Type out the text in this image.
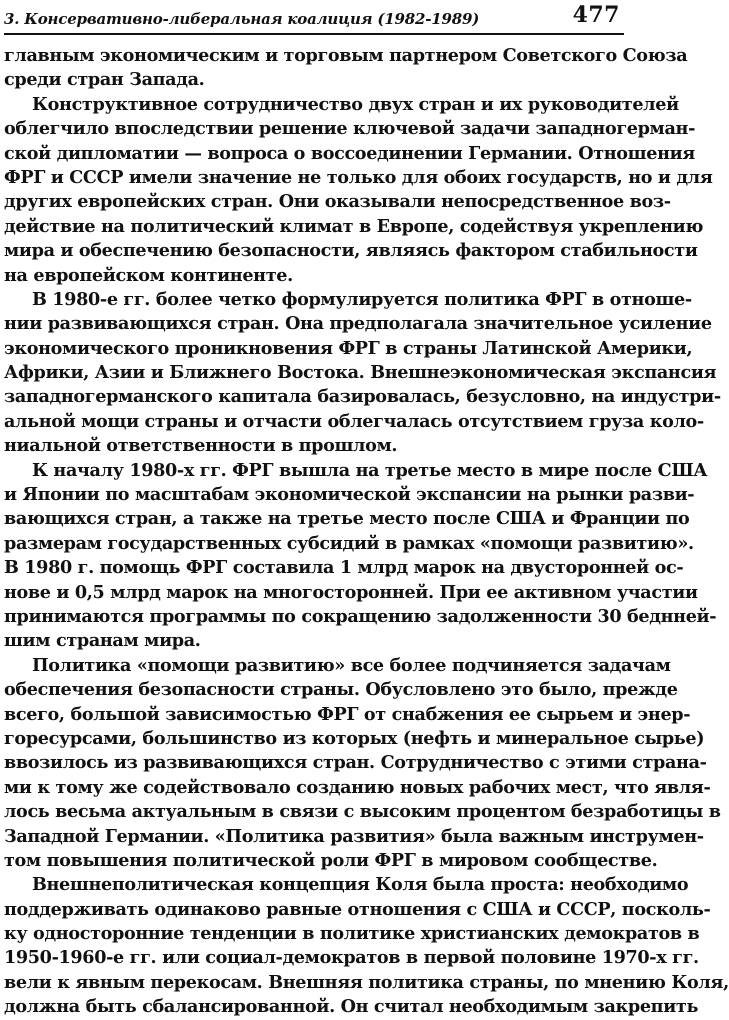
3. Консервативно-либеральная коалиция (1982-1989)	477
главным экономическим и торговым партнером Советского Союза
среди стран Запада.
Конструктивное сотрудничество двух стран и их руководителей
облегчило впоследствии решение ключевой задачи западногерман-
ской дипломатии — вопроса о воссоединении Германии. Отношения
ФРГ и СССР имели значение не только для обоих государств, но и для
других европейских стран. Они оказывали непосредственное воз-
действие на политический климат в Европе, содействуя укреплению
мира и обеспечению безопасности, являясь фактором стабильности
на европейском континенте.
В 1980-е гг. более четко формулируется политика ФРГ в отноше-
нии развивающихся стран. Она предполагала значительное усиление
экономического проникновения ФРГ в страны Латинской Америки,
Африки, Азии и Ближнего Востока. Внешнеэкономическая экспансия
западногерманского капитала базировалась, безусловно, на индустри-
альной мощи страны и отчасти облегчалась отсутствием груза коло-
ниальной ответственности в прошлом.
К началу 1980-х гг. ФРГ вышла на третье место в мире после США
и Японии по масштабам экономической экспансии на рынки разви-
вающихся стран, а также на третье место после США и Франции по
размерам государственных субсидий в рамках «помощи развитию».
В 1980 г. помощь ФРГ составила 1 млрд марок на двусторонней ос-
нове и 0,5 млрд марок на многосторонней. При ее активном участии
принимаются программы по сокращению задолженности 30 беднней-
шим странам мира.
Политика «помощи развитию» все более подчиняется задачам
обеспечения безопасности страны. Обусловлено это было, прежде
всего, большой зависимостью ФРГ от снабжения ее сырьем и энер-
горесурсами, большинство из которых (нефть и минеральное сырье)
ввозилось из развивающихся стран. Сотрудничество с этими страна-
ми к тому же содействовало созданию новых рабочих мест, что явля-
лось весьма актуальным в связи с высоким процентом безработицы в
Западной Германии. «Политика развития» была важным инструмен-
том повышения политической роли ФРГ в мировом сообществе.
Внешнеполитическая концепция Коля была проста: необходимо
поддерживать одинаково равные отношения с США и СССР, посколь-
ку односторонние тенденции в политике христианских демократов в
1950-1960-е гг. или социал-демократов в первой половине 1970-х гг.
вели к явным перекосам. Внешняя политика страны, по мнению Коля,
должна быть сбалансированной. Он считал необходимым закрепить
